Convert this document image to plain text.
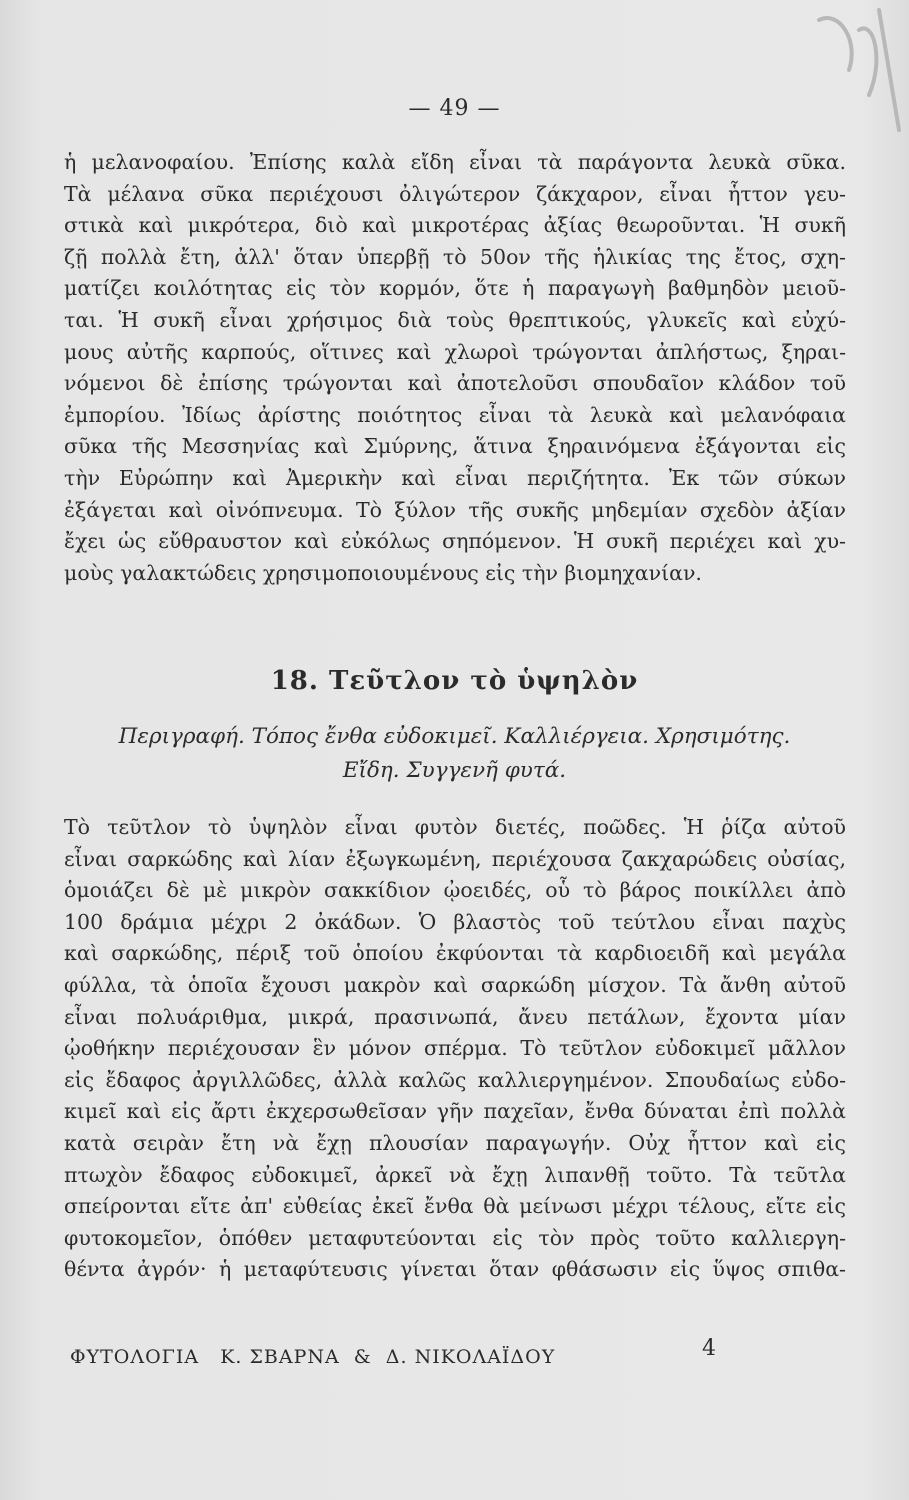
— 49 —
ἡ μελανοφαίου. Ἐπίσης καλὰ εἴδη εἶναι τὰ παράγοντα λευκὰ σῦκα.
Τὰ μέλανα σῦκα περιέχουσι ὀλιγώτερον ζάκχαρον, εἶναι ἧττον γευ-
στικὰ καὶ μικρότερα, διὸ καὶ μικροτέρας ἀξίας θεωροῦνται. Ἡ συκῆ
ζῇ πολλὰ ἔτη, ἀλλ' ὅταν ὑπερβῇ τὸ 50ον τῆς ἡλικίας της ἔτος, σχη-
ματίζει κοιλότητας εἰς τὸν κορμόν, ὅτε ἡ παραγωγὴ βαθμηδὸν μειοῦ-
ται. Ἡ συκῆ εἶναι χρήσιμος διὰ τοὺς θρεπτικούς, γλυκεῖς καὶ εὐχύ-
μους αὐτῆς καρπούς, οἵτινες καὶ χλωροὶ τρώγονται ἀπλήστως, ξηραι-
νόμενοι δὲ ἐπίσης τρώγονται καὶ ἀποτελοῦσι σπουδαῖον κλάδον τοῦ
ἐμπορίου. Ἰδίως ἀρίστης ποιότητος εἶναι τὰ λευκὰ καὶ μελανόφαια
σῦκα τῆς Μεσσηνίας καὶ Σμύρνης, ἅτινα ξηραινόμενα ἐξάγονται εἰς
τὴν Εὐρώπην καὶ Ἀμερικὴν καὶ εἶναι περιζήτητα. Ἐκ τῶν σύκων
ἐξάγεται καὶ οἰνόπνευμα. Τὸ ξύλον τῆς συκῆς μηδεμίαν σχεδὸν ἀξίαν
ἔχει ὡς εὔθραυστον καὶ εὐκόλως σηπόμενον. Ἡ συκῆ περιέχει καὶ χυ-
μοὺς γαλακτώδεις χρησιμοποιουμένους εἰς τὴν βιομηχανίαν.
18. Τεῦτλον τὸ ὑψηλὸν
Περιγραφή. Τόπος ἔνθα εὐδοκιμεῖ. Καλλιέργεια. Χρησιμότης.
Εἴδη. Συγγενῆ φυτά.
Τὸ τεῦτλον τὸ ὑψηλὸν εἶναι φυτὸν διετές, ποῶδες. Ἡ ῥίζα αὐτοῦ
εἶναι σαρκώδης καὶ λίαν ἐξωγκωμένη, περιέχουσα ζακχαρώδεις οὐσίας,
ὁμοιάζει δὲ μὲ μικρὸν σακκίδιον ᾠοειδές, οὗ τὸ βάρος ποικίλλει ἀπὸ
100 δράμια μέχρι 2 ὀκάδων. Ὁ βλαστὸς τοῦ τεύτλου εἶναι παχὺς
καὶ σαρκώδης, πέριξ τοῦ ὁποίου ἐκφύονται τὰ καρδιοειδῆ καὶ μεγάλα
φύλλα, τὰ ὁποῖα ἔχουσι μακρὸν καὶ σαρκώδη μίσχον. Τὰ ἄνθη αὐτοῦ
εἶναι πολυάριθμα, μικρά, πρασινωπά, ἄνευ πετάλων, ἔχοντα μίαν
ᾠοθήκην περιέχουσαν ἓν μόνον σπέρμα. Τὸ τεῦτλον εὐδοκιμεῖ μᾶλλον
εἰς ἔδαφος ἀργιλλῶδες, ἀλλὰ καλῶς καλλιεργημένον. Σπουδαίως εὐδο-
κιμεῖ καὶ εἰς ἄρτι ἐκχερσωθεῖσαν γῆν παχεῖαν, ἔνθα δύναται ἐπὶ πολλὰ
κατὰ σειρὰν ἔτη νὰ ἔχῃ πλουσίαν παραγωγήν. Οὐχ ἧττον καὶ εἰς
πτωχὸν ἔδαφος εὐδοκιμεῖ, ἀρκεῖ νὰ ἔχῃ λιπανθῇ τοῦτο. Τὰ τεῦτλα
σπείρονται εἴτε ἀπ' εὐθείας ἐκεῖ ἔνθα θὰ μείνωσι μέχρι τέλους, εἴτε εἰς
φυτοκομεῖον, ὁπόθεν μεταφυτεύονται εἰς τὸν πρὸς τοῦτο καλλιεργη-
θέντα ἀγρόν· ἡ μεταφύτευσις γίνεται ὅταν φθάσωσιν εἰς ὕψος σπιθα-
ΦΥΤΟΛΟΓΙΑ   Κ. ΣΒΑΡΝΑ  &  Δ. ΝΙΚΟΛΑΪΔΟΥ	4
